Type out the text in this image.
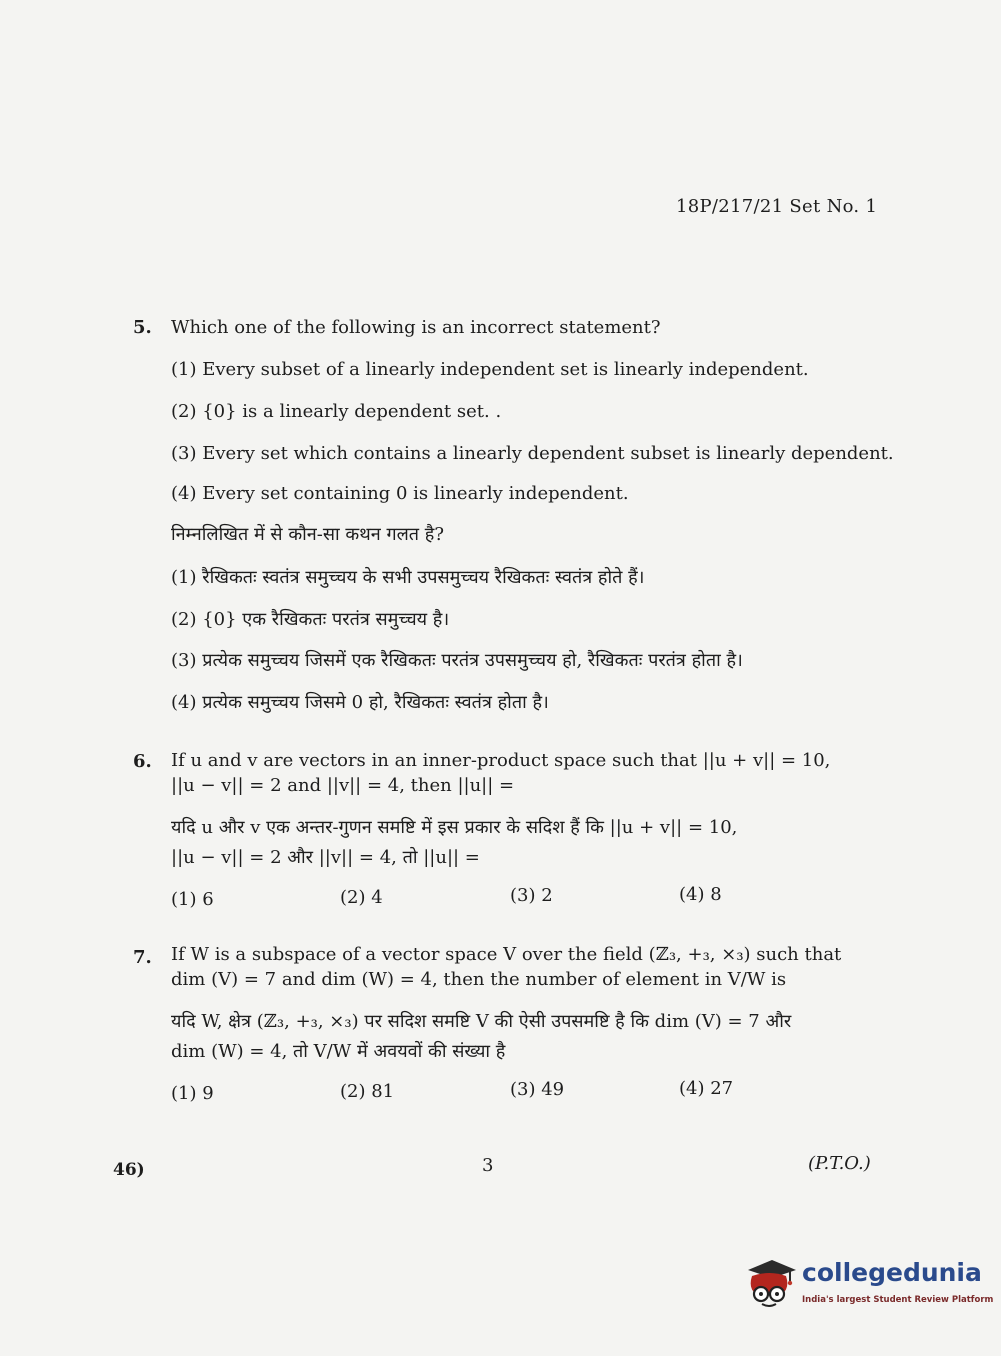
18P/217/21 Set No. 1
5. Which one of the following is an incorrect statement?
(1) Every subset of a linearly independent set is linearly independent.
(2) {0} is a linearly dependent set. .
(3) Every set which contains a linearly dependent subset is linearly dependent.
(4) Every set containing 0 is linearly independent.
निम्नलिखित में से कौन-सा कथन गलत है?
(1) रैखिकतः स्वतंत्र समुच्चय के सभी उपसमुच्चय रैखिकतः स्वतंत्र होते हैं।
(2) {0} एक रैखिकतः परतंत्र समुच्चय है।
(3) प्रत्येक समुच्चय जिसमें एक रैखिकतः परतंत्र उपसमुच्चय हो, रैखिकतः परतंत्र होता है।
(4) प्रत्येक समुच्चय जिसमे 0 हो, रैखिकतः स्वतंत्र होता है।
6. If u and v are vectors in an inner-product space such that ||u + v|| = 10,
||u − v|| = 2 and ||v|| = 4, then ||u|| =
यदि u और v एक अन्तर-गुणन समष्टि में इस प्रकार के सदिश हैं कि ||u + v|| = 10,
||u − v|| = 2 और ||v|| = 4, तो ||u|| =
(1) 6	(2) 4	(3) 2	(4) 8
7. If W is a subspace of a vector space V over the field (ℤ₃, +₃, ×₃) such that
dim (V) = 7 and dim (W) = 4, then the number of element in V/W is
यदि W, क्षेत्र (ℤ₃, +₃, ×₃) पर सदिश समष्टि V की ऐसी उपसमष्टि है कि dim (V) = 7 और
dim (W) = 4, तो V/W में अवयवों की संख्या है
(1) 9	(2) 81	(3) 49	(4) 27
46)	3	(P.T.O.)
collegedunia
India's largest Student Review Platform
